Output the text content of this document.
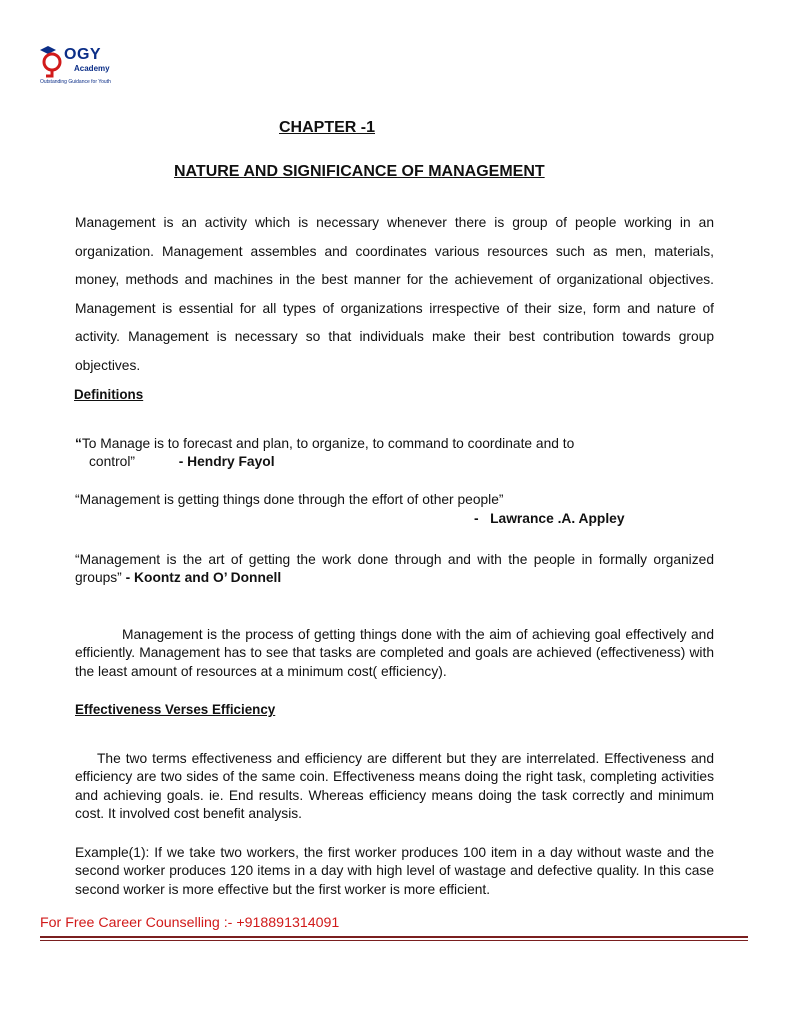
OGY
Academy
Outstanding Guidance for Youth
CHAPTER -1
NATURE AND SIGNIFICANCE OF MANAGEMENT
Management is an activity which is necessary whenever there is group of people working in an organization. Management assembles and coordinates various resources such as men, materials, money, methods and machines in the best manner for the achievement of organizational objectives. Management is essential for all types of organizations irrespective of their size, form and nature of activity. Management is necessary so that individuals make their best contribution towards group objectives.
Definitions
“To Manage is to forecast and plan, to organize, to command to coordinate and to
control”	- Hendry Fayol
“Management is getting things done through the effort of other people”
-   Lawrance .A. Appley
“Management is the art of getting the work done through and with the people in formally organized groups” - Koontz and O’ Donnell
Management is the process of getting things done with the aim of achieving goal effectively and efficiently. Management has to see that tasks are completed and goals are achieved (effectiveness) with the least amount of resources at a minimum cost( efficiency).
Effectiveness Verses Efficiency
The two terms effectiveness and efficiency are different but they are interrelated. Effectiveness and efficiency are two sides of the same coin. Effectiveness means doing the right task, completing activities and achieving goals. ie. End results. Whereas efficiency means doing the task correctly and minimum cost. It involved cost benefit analysis.
Example(1): If we take two workers, the first worker produces 100 item in a day without waste and the second worker produces 120 items in a day with high level of wastage and defective quality. In this case second worker is more effective but the first worker is more efficient.
For Free Career Counselling :- +918891314091
